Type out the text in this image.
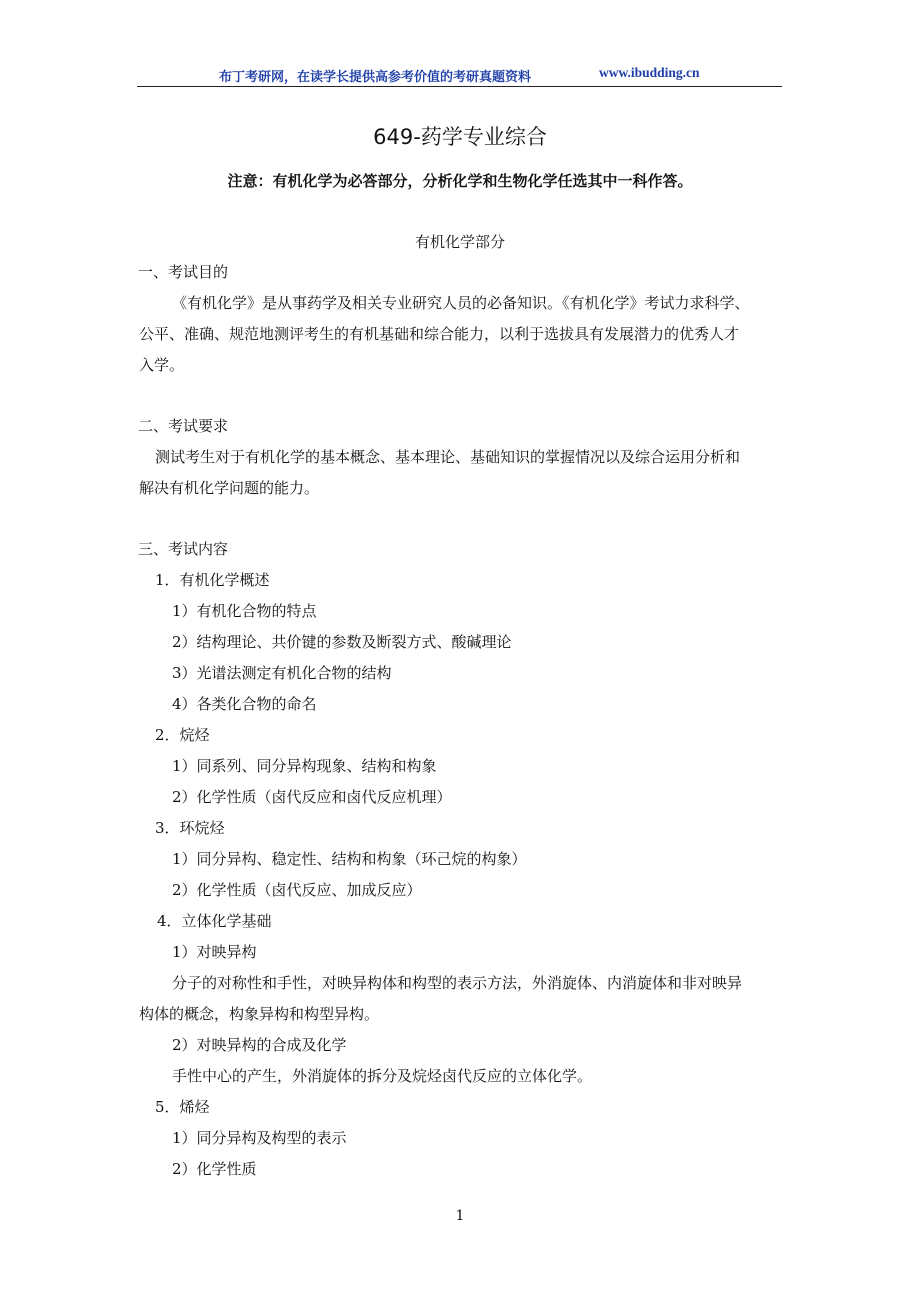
布丁考研网，在读学长提供高参考价值的考研真题资料	www.ibudding.cn
649-药学专业综合
注意：有机化学为必答部分，分析化学和生物化学任选其中一科作答。
有机化学部分
一、考试目的
《有机化学》是从事药学及相关专业研究人员的必备知识。《有机化学》考试力求科学、
公平、准确、规范地测评考生的有机基础和综合能力，以利于选拔具有发展潜力的优秀人才
入学。
二、考试要求
测试考生对于有机化学的基本概念、基本理论、基础知识的掌握情况以及综合运用分析和
解决有机化学问题的能力。
三、考试内容
1．有机化学概述
1）有机化合物的特点
2）结构理论、共价键的参数及断裂方式、酸碱理论
3）光谱法测定有机化合物的结构
4）各类化合物的命名
2．烷烃
1）同系列、同分异构现象、结构和构象
2）化学性质（卤代反应和卤代反应机理）
3．环烷烃
1）同分异构、稳定性、结构和构象（环己烷的构象）
2）化学性质（卤代反应、加成反应）
4．立体化学基础
1）对映异构
分子的对称性和手性，对映异构体和构型的表示方法，外消旋体、内消旋体和非对映异
构体的概念，构象异构和构型异构。
2）对映异构的合成及化学
手性中心的产生，外消旋体的拆分及烷烃卤代反应的立体化学。
5．烯烃
1）同分异构及构型的表示
2）化学性质
1
